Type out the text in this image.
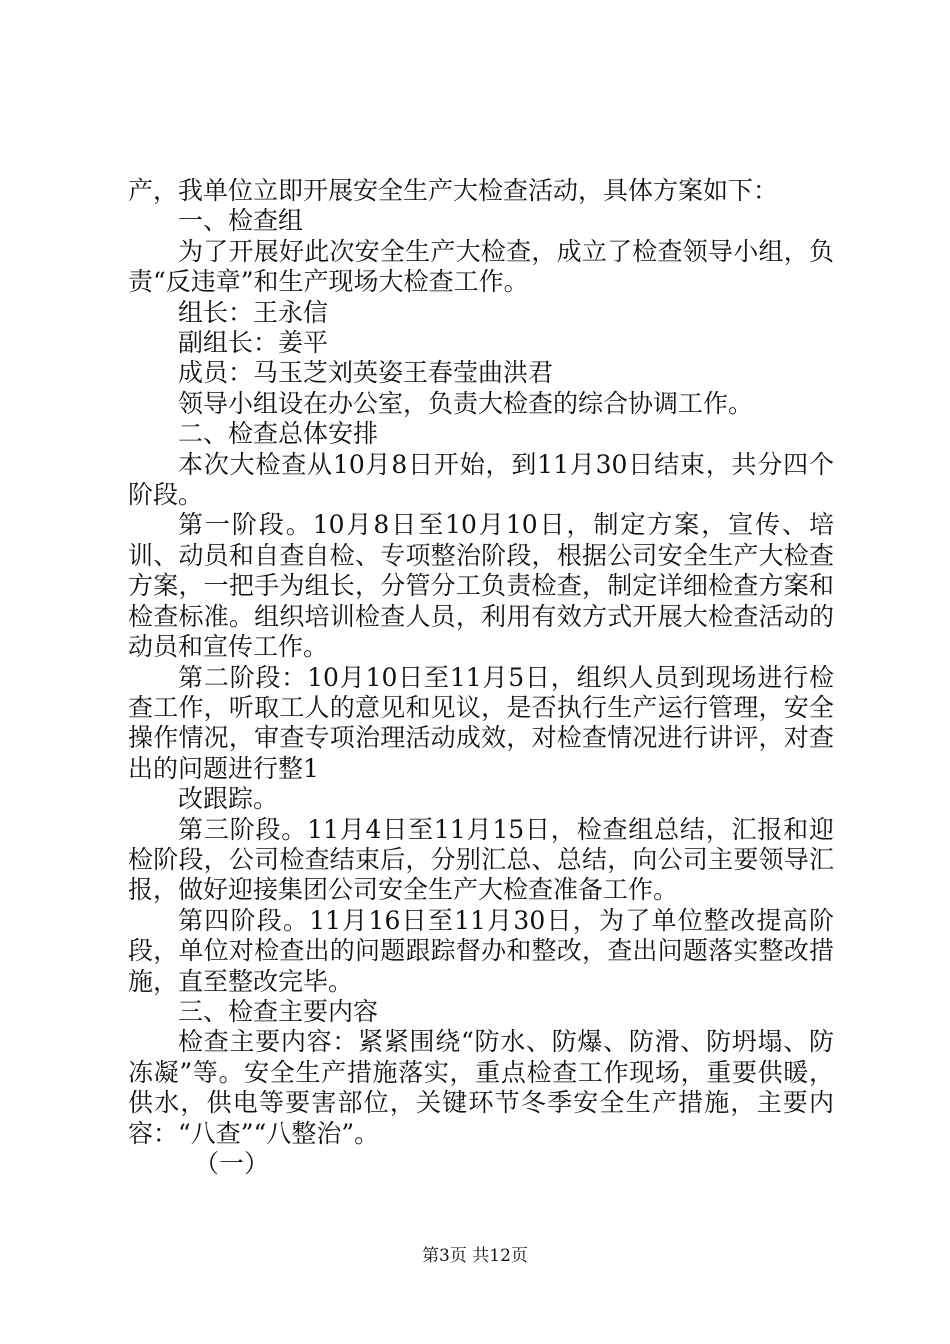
产，我单位立即开展安全生产大检查活动，具体方案如下：

一、检查组

为了开展好此次安全生产大检查，成立了检查领导小组，负责“反违章”和生产现场大检查工作。

组长：王永信

副组长：姜平

成员：马玉芝刘英姿王春莹曲洪君

领导小组设在办公室，负责大检查的综合协调工作。

二、检查总体安排

本次大检查从10月8日开始，到11月30日结束，共分四个阶段。

第一阶段。10月8日至10月10日，制定方案，宣传、培训、动员和自查自检、专项整治阶段，根据公司安全生产大检查方案，一把手为组长，分管分工负责检查，制定详细检查方案和检查标准。组织培训检查人员，利用有效方式开展大检查活动的动员和宣传工作。

第二阶段：10月10日至11月5日，组织人员到现场进行检查工作，听取工人的意见和见议，是否执行生产运行管理，安全操作情况，审查专项治理活动成效，对检查情况进行讲评，对查出的问题进行整1

改跟踪。

第三阶段。11月4日至11月15日，检查组总结，汇报和迎检阶段，公司检查结束后，分别汇总、总结，向公司主要领导汇报，做好迎接集团公司安全生产大检查准备工作。

第四阶段。11月16日至11月30日，为了单位整改提高阶段，单位对检查出的问题跟踪督办和整改，查出问题落实整改措施，直至整改完毕。

三、检查主要内容

检查主要内容：紧紧围绕“防水、防爆、防滑、防坍塌、防冻凝”等。安全生产措施落实，重点检查工作现场，重要供暖，供水，供电等要害部位，关键环节冬季安全生产措施，主要内容：“八查”“八整治”。

（一）

第3页 共12页
